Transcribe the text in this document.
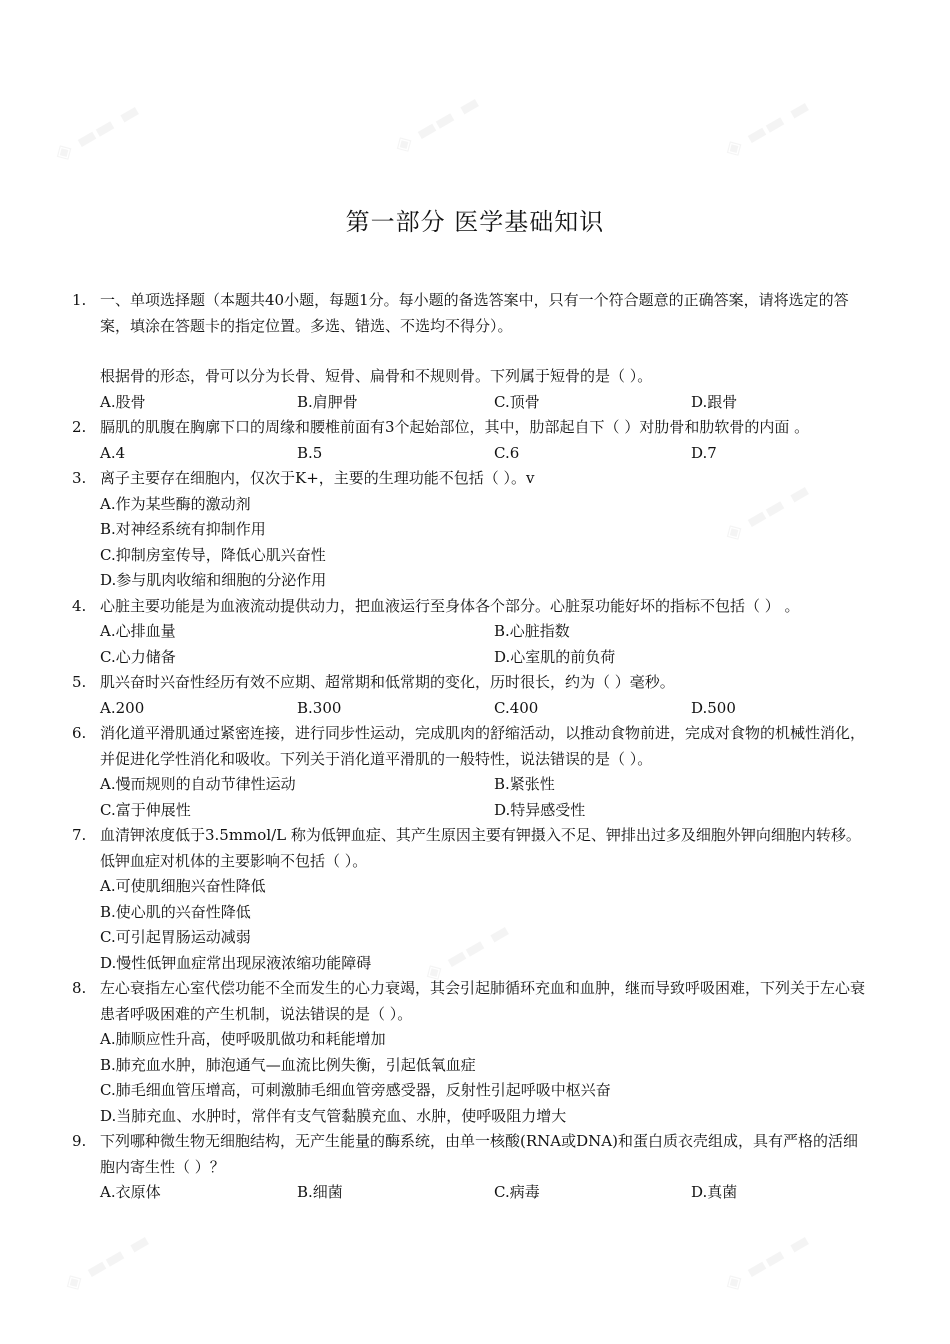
第一部分 医学基础知识
1. 一、单项选择题（本题共40小题，每题1分。每小题的备选答案中，只有一个符合题意的正确答案，请将选定的答案，填涂在答题卡的指定位置。多选、错选、不选均不得分）。
根据骨的形态，骨可以分为长骨、短骨、扁骨和不规则骨。下列属于短骨的是（ ）。
A.股骨	B.肩胛骨	C.顶骨	D.跟骨
2. 膈肌的肌腹在胸廓下口的周缘和腰椎前面有3个起始部位，其中，肋部起自下（ ）对肋骨和肋软骨的内面 。
A.4	B.5	C.6	D.7
3. 离子主要存在细胞内，仅次于K+，主要的生理功能不包括（ ）。v
A.作为某些酶的激动剂
B.对神经系统有抑制作用
C.抑制房室传导，降低心肌兴奋性
D.参与肌肉收缩和细胞的分泌作用
4. 心脏主要功能是为血液流动提供动力，把血液运行至身体各个部分。心脏泵功能好坏的指标不包括（ ） 。
A.心排血量	B.心脏指数
C.心力储备	D.心室肌的前负荷
5. 肌兴奋时兴奋性经历有效不应期、超常期和低常期的变化，历时很长，约为（ ）毫秒。
A.200	B.300	C.400	D.500
6. 消化道平滑肌通过紧密连接，进行同步性运动，完成肌肉的舒缩活动，以推动食物前进，完成对食物的机械性消化，并促进化学性消化和吸收。下列关于消化道平滑肌的一般特性，说法错误的是（ ）。
A.慢而规则的自动节律性运动	B.紧张性
C.富于伸展性	D.特异感受性
7. 血清钾浓度低于3.5mmol/L 称为低钾血症、其产生原因主要有钾摄入不足、钾排出过多及细胞外钾向细胞内转移。低钾血症对机体的主要影响不包括（ ）。
A.可使肌细胞兴奋性降低
B.使心肌的兴奋性降低
C.可引起胃肠运动减弱
D.慢性低钾血症常出现尿液浓缩功能障碍
8. 左心衰指左心室代偿功能不全而发生的心力衰竭，其会引起肺循环充血和血肿，继而导致呼吸困难，下列关于左心衰患者呼吸困难的产生机制，说法错误的是（ ）。
A.肺顺应性升高，使呼吸肌做功和耗能增加
B.肺充血水肿，肺泡通气—血流比例失衡，引起低氧血症
C.肺毛细血管压增高，可刺激肺毛细血管旁感受器，反射性引起呼吸中枢兴奋
D.当肺充血、水肿时，常伴有支气管黏膜充血、水肿，使呼吸阻力增大
9. 下列哪种微生物无细胞结构，无产生能量的酶系统，由单一核酸(RNA或DNA)和蛋白质衣壳组成，具有严格的活细胞内寄生性（ ）？
A.衣原体	B.细菌	C.病毒	D.真菌
